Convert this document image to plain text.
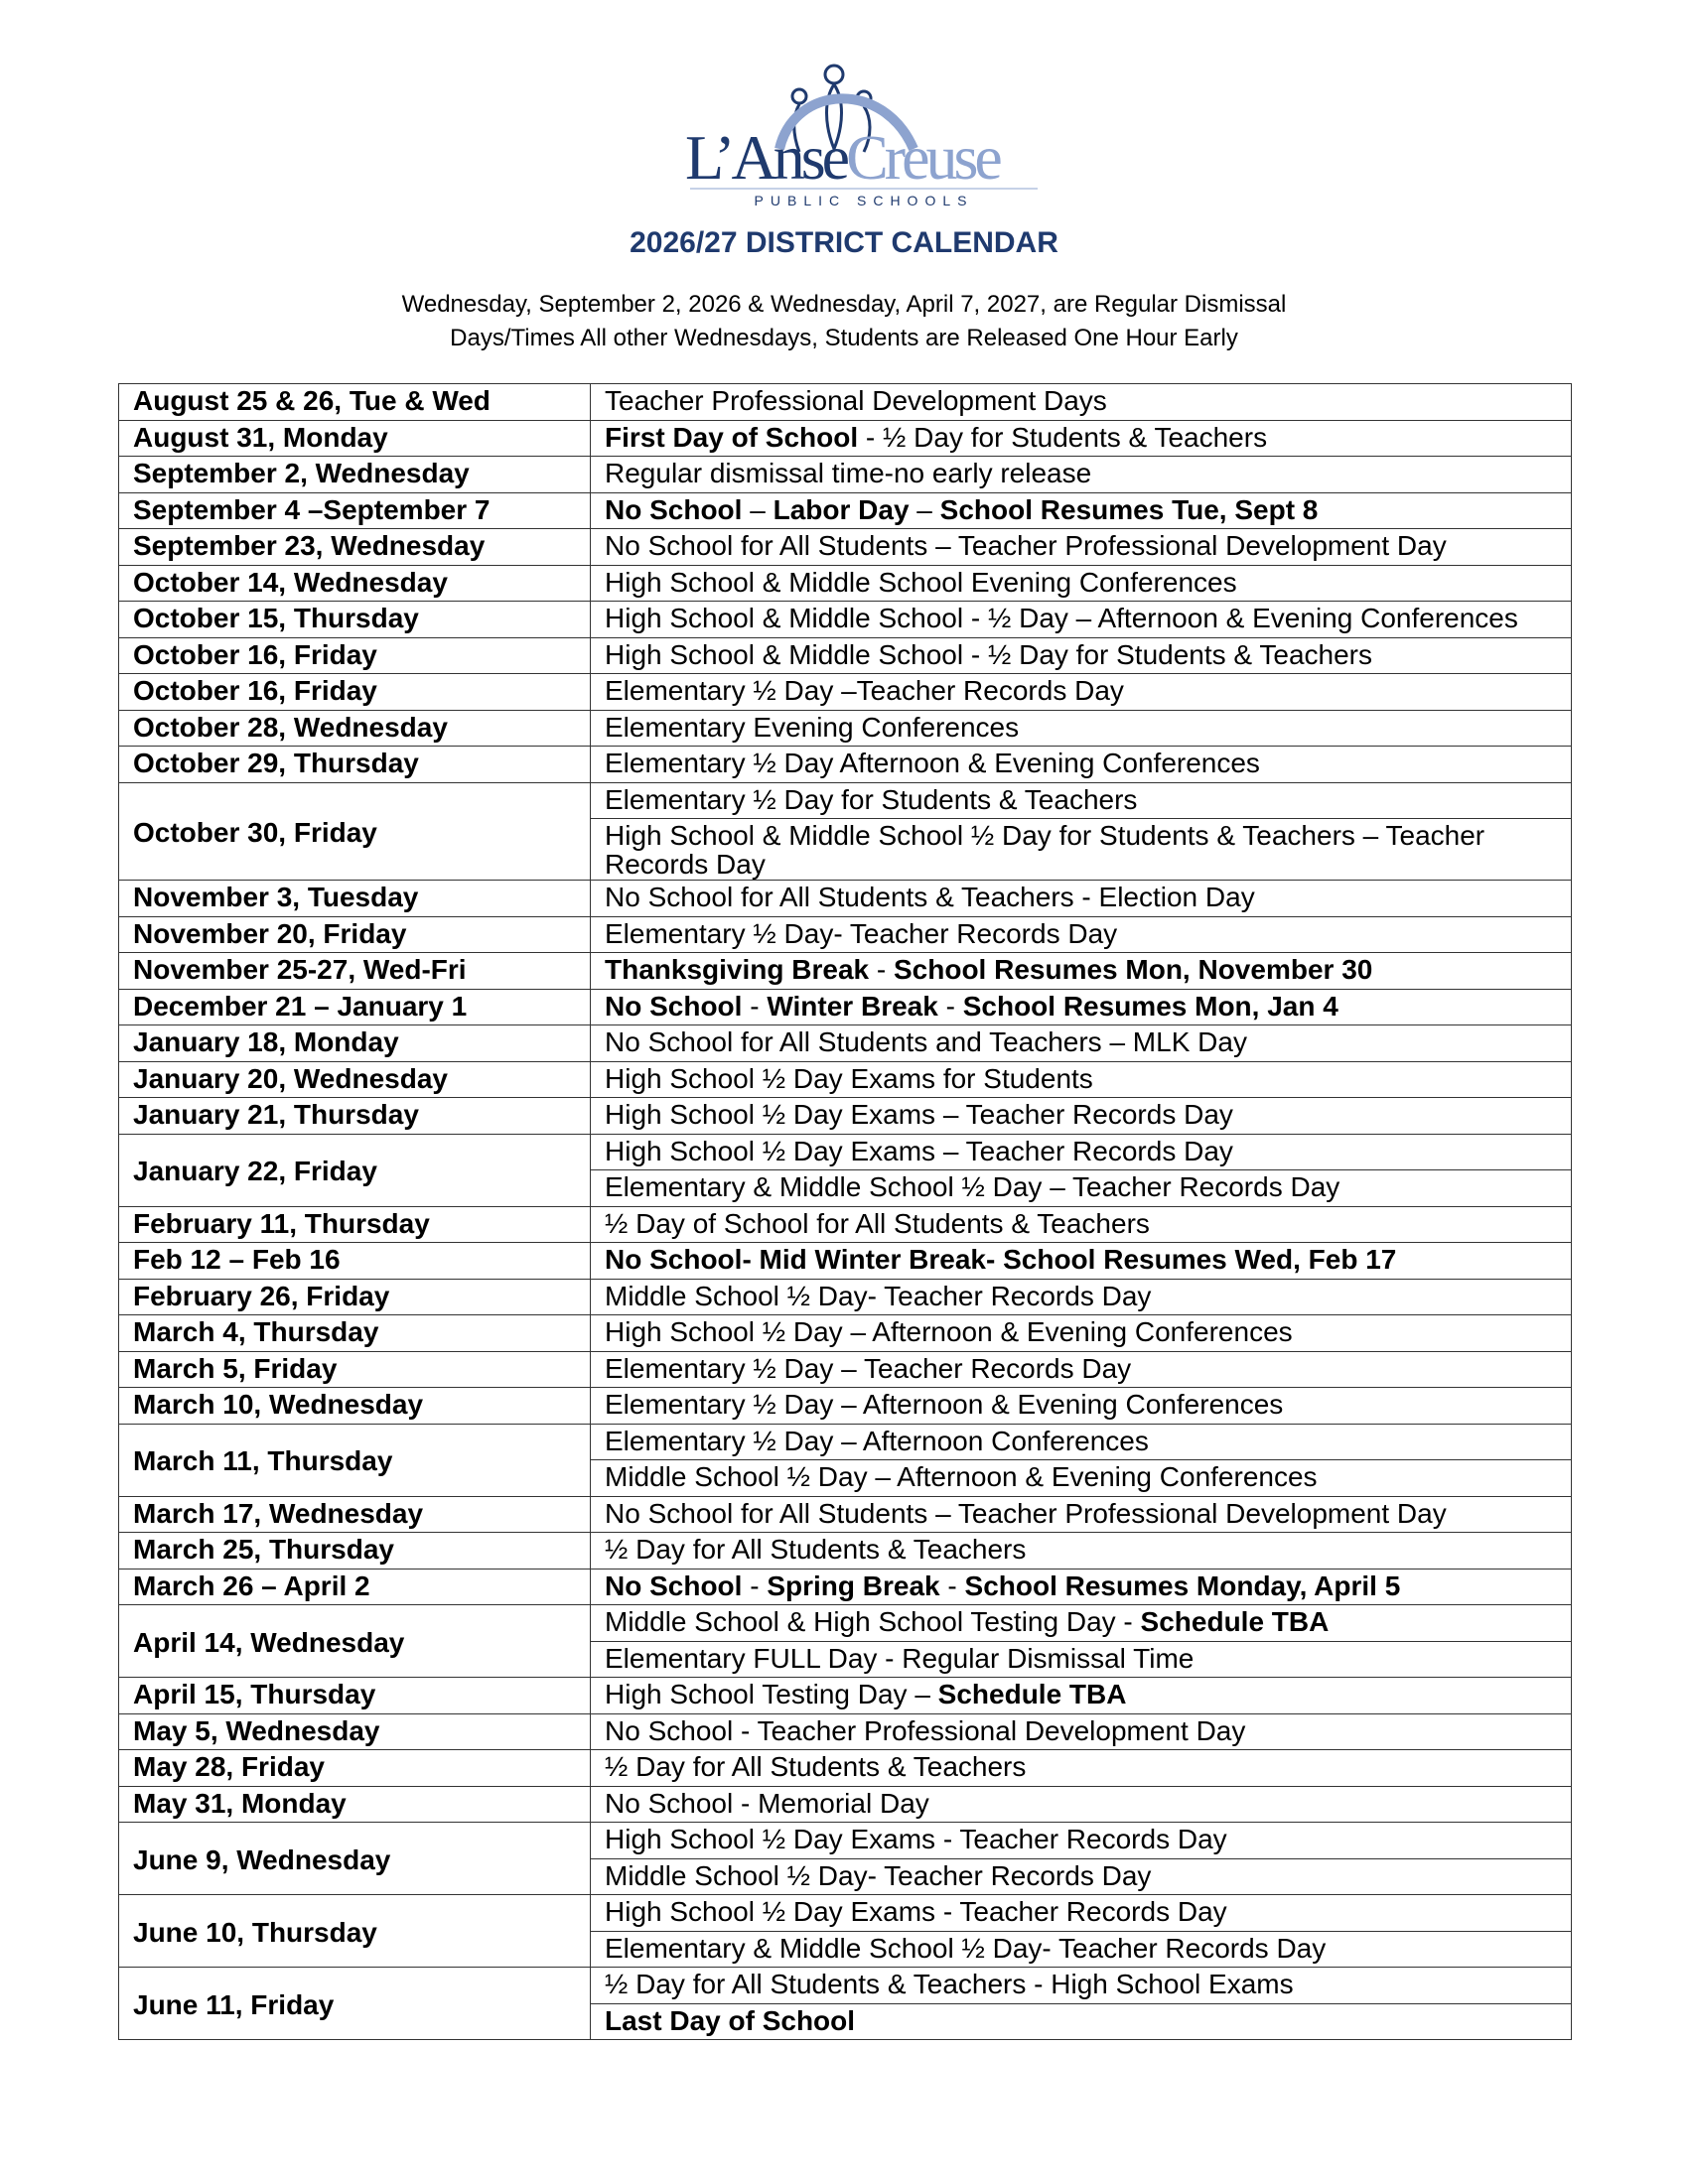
L’AnseCreuse
PUBLIC SCHOOLS
2026/27 DISTRICT CALENDAR
Wednesday, September 2, 2026 & Wednesday, April 7, 2027, are Regular Dismissal
Days/Times All other Wednesdays, Students are Released One Hour Early
August 25 & 26, Tue & Wed	Teacher Professional Development Days
August 31, Monday	First Day of School - ½ Day for Students & Teachers
September 2, Wednesday	Regular dismissal time-no early release
September 4 –September 7	No School – Labor Day – School Resumes Tue, Sept 8
September 23, Wednesday	No School for All Students – Teacher Professional Development Day
October 14, Wednesday	High School & Middle School Evening Conferences
October 15, Thursday	High School & Middle School - ½ Day – Afternoon & Evening Conferences
October 16, Friday	High School & Middle School - ½ Day for Students & Teachers
October 16, Friday	Elementary ½ Day –Teacher Records Day
October 28, Wednesday	Elementary Evening Conferences
October 29, Thursday	Elementary ½ Day Afternoon & Evening Conferences
October 30, Friday	Elementary ½ Day for Students & Teachers
	High School & Middle School ½ Day for Students & Teachers – Teacher Records Day
November 3, Tuesday	No School for All Students & Teachers - Election Day
November 20, Friday	Elementary ½ Day- Teacher Records Day
November 25-27, Wed-Fri	Thanksgiving Break - School Resumes Mon, November 30
December 21 – January 1	No School - Winter Break - School Resumes Mon, Jan 4
January 18, Monday	No School for All Students and Teachers – MLK Day
January 20, Wednesday	High School ½ Day Exams for Students
January 21, Thursday	High School ½ Day Exams – Teacher Records Day
January 22, Friday	High School ½ Day Exams – Teacher Records Day
	Elementary & Middle School ½ Day – Teacher Records Day
February 11, Thursday	½ Day of School for All Students & Teachers
Feb 12 – Feb 16	No School- Mid Winter Break- School Resumes Wed, Feb 17
February 26, Friday	Middle School ½ Day- Teacher Records Day
March 4, Thursday	High School ½ Day – Afternoon & Evening Conferences
March 5, Friday	Elementary ½ Day – Teacher Records Day
March 10, Wednesday	Elementary ½ Day – Afternoon & Evening Conferences
March 11, Thursday	Elementary ½ Day – Afternoon Conferences
	Middle School ½ Day – Afternoon & Evening Conferences
March 17, Wednesday	No School for All Students – Teacher Professional Development Day
March 25, Thursday	½ Day for All Students & Teachers
March 26 – April 2	No School - Spring Break - School Resumes Monday, April 5
April 14, Wednesday	Middle School & High School Testing Day - Schedule TBA
	Elementary FULL Day - Regular Dismissal Time
April 15, Thursday	High School Testing Day – Schedule TBA
May 5, Wednesday	No School - Teacher Professional Development Day
May 28, Friday	½ Day for All Students & Teachers
May 31, Monday	No School - Memorial Day
June 9, Wednesday	High School ½ Day Exams - Teacher Records Day
	Middle School ½ Day- Teacher Records Day
June 10, Thursday	High School ½ Day Exams - Teacher Records Day
	Elementary & Middle School ½ Day- Teacher Records Day
June 11, Friday	½ Day for All Students & Teachers - High School Exams
	Last Day of School
